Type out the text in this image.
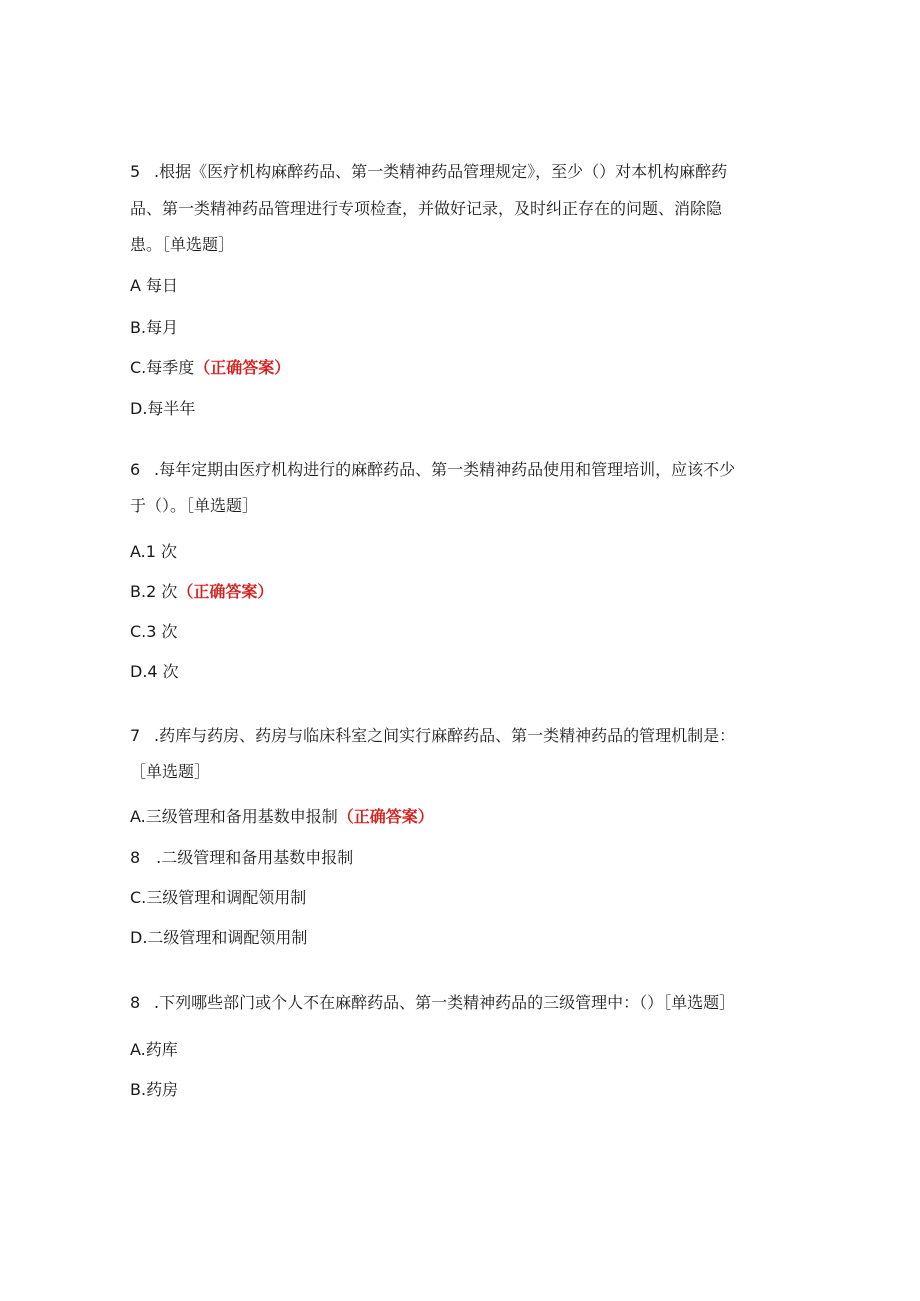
5 .根据《医疗机构麻醉药品、第一类精神药品管理规定》，至少（）对本机构麻醉药
品、第一类精神药品管理进行专项检查，并做好记录，及时纠正存在的问题、消除隐
患。［单选题］
A 每日
B.每月
C.每季度（正确答案）
D.每半年
6 .每年定期由医疗机构进行的麻醉药品、第一类精神药品使用和管理培训，应该不少
于（）。［单选题］
A.1 次
B.2 次（正确答案）
C.3 次
D.4 次
7 .药库与药房、药房与临床科室之间实行麻醉药品、第一类精神药品的管理机制是：
［单选题］
A.三级管理和备用基数申报制（正确答案）
8　.二级管理和备用基数申报制
C.三级管理和调配领用制
D.二级管理和调配领用制
8 .下列哪些部门或个人不在麻醉药品、第一类精神药品的三级管理中：（）［单选题］
A.药库
B.药房
